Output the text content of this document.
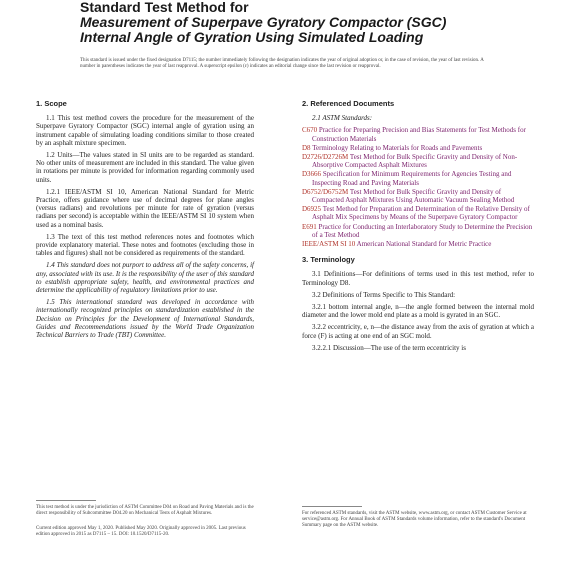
Standard Test Method for
Measurement of Superpave Gyratory Compactor (SGC)
Internal Angle of Gyration Using Simulated Loading
This standard is issued under the fixed designation D7115; the number immediately following the designation indicates the year of original adoption or, in the case of revision, the year of last revision. A number in parentheses indicates the year of last reapproval. A superscript epsilon (ε) indicates an editorial change since the last revision or reapproval.
1. Scope

1.1 This test method covers the procedure for the measurement of the Superpave Gyratory Compactor (SGC) internal angle of gyration using an instrument capable of simulating loading conditions similar to those created by an asphalt mixture specimen.

1.2 Units—The values stated in SI units are to be regarded as standard. No other units of measurement are included in this standard. The value given in rotations per minute is provided for information regarding commonly used units.

1.2.1 IEEE/ASTM SI 10, American National Standard for Metric Practice, offers guidance where use of decimal degrees for plane angles (versus radians) and revolutions per minute for rate of gyration (versus radians per second) is acceptable within the IEEE/ASTM SI 10 system when used as a nominal basis.

1.3 The text of this test method references notes and footnotes which provide explanatory material. These notes and footnotes (excluding those in tables and figures) shall not be considered as requirements of the standard.

1.4 This standard does not purport to address all of the safety concerns, if any, associated with its use. It is the responsibility of the user of this standard to establish appropriate safety, health, and environmental practices and determine the applicability of regulatory limitations prior to use.

1.5 This international standard was developed in accordance with internationally recognized principles on standardization established in the Decision on Principles for the Development of International Standards, Guides and Recommendations issued by the World Trade Organization Technical Barriers to Trade (TBT) Committee.

This test method is under the jurisdiction of ASTM Committee D04 on Road and Paving Materials and is the direct responsibility of Subcommittee D04.20 on Mechanical Tests of Asphalt Mixtures.
Current edition approved May 1, 2020. Published May 2020. Originally approved in 2005. Last previous edition approved in 2015 as D7115 – 15. DOI: 10.1520/D7115-20.
2. Referenced Documents

2.1 ASTM Standards:

C670 Practice for Preparing Precision and Bias Statements for Test Methods for Construction Materials

D8 Terminology Relating to Materials for Roads and Pavements

D2726/D2726M Test Method for Bulk Specific Gravity and Density of Non-Absorptive Compacted Asphalt Mixtures

D3666 Specification for Minimum Requirements for Agencies Testing and Inspecting Road and Paving Materials

D6752/D6752M Test Method for Bulk Specific Gravity and Density of Compacted Asphalt Mixtures Using Automatic Vacuum Sealing Method

D6925 Test Method for Preparation and Determination of the Relative Density of Asphalt Mix Specimens by Means of the Superpave Gyratory Compactor

E691 Practice for Conducting an Interlaboratory Study to Determine the Precision of a Test Method

IEEE/ASTM SI 10 American National Standard for Metric Practice

3. Terminology

3.1 Definitions—For definitions of terms used in this test method, refer to Terminology D8.

3.2 Definitions of Terms Specific to This Standard:

3.2.1 bottom internal angle, n—the angle formed between the internal mold diameter and the lower mold end plate as a mold is gyrated in an SGC.

3.2.2 eccentricity, e, n—the distance away from the axis of gyration at which a force (F) is acting at one end of an SGC mold.

3.2.2.1 Discussion—The use of the term eccentricity is

For referenced ASTM standards, visit the ASTM website, www.astm.org, or contact ASTM Customer Service at service@astm.org. For Annual Book of ASTM Standards volume information, refer to the standard's Document Summary page on the ASTM website.
